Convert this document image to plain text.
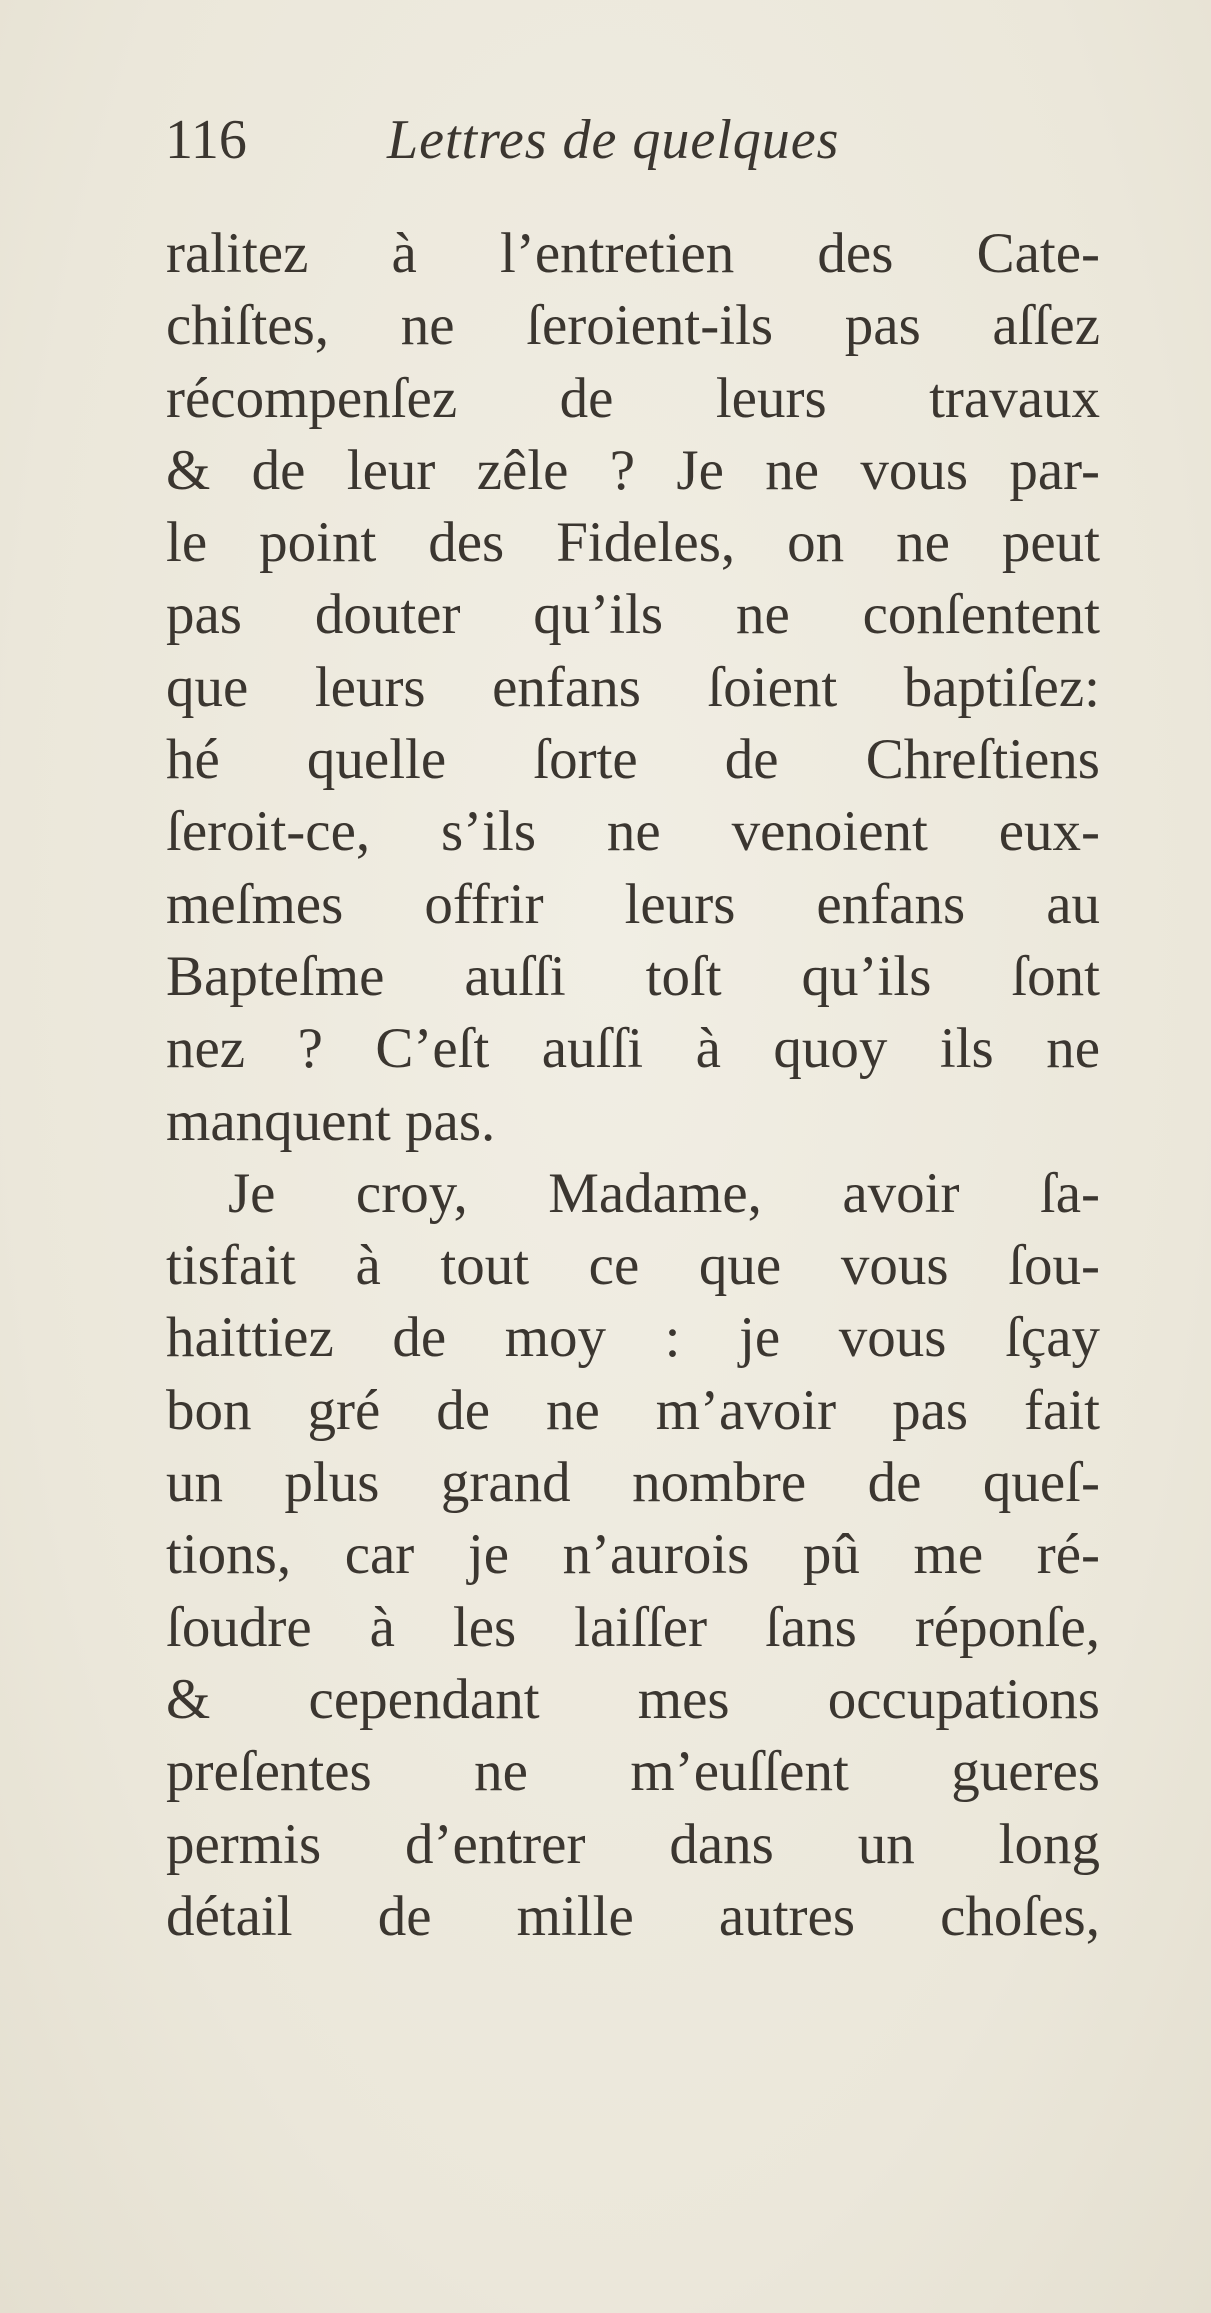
116	Lettres de quelques
ralitez à l’entretien des Cate-
chiſtes, ne ſeroient-ils pas aſſez
récompenſez de leurs travaux
& de leur zêle ? Je ne vous par-
le point des Fideles, on ne peut
pas douter qu’ils ne conſentent
que leurs enfans ſoient baptiſez:
hé quelle ſorte de Chreſtiens
ſeroit-ce, s’ils ne venoient eux-
meſmes offrir leurs enfans au
Bapteſme auſſi toſt qu’ils ſont
nez ? C’eſt auſſi à quoy ils ne
manquent pas.
Je croy, Madame, avoir ſa-
tisfait à tout ce que vous ſou-
haittiez de moy : je vous ſçay
bon gré de ne m’avoir pas fait
un plus grand nombre de queſ-
tions, car je n’aurois pû me ré-
ſoudre à les laiſſer ſans réponſe,
& cependant mes occupations
preſentes ne m’euſſent gueres
permis d’entrer dans un long
détail de mille autres choſes,
